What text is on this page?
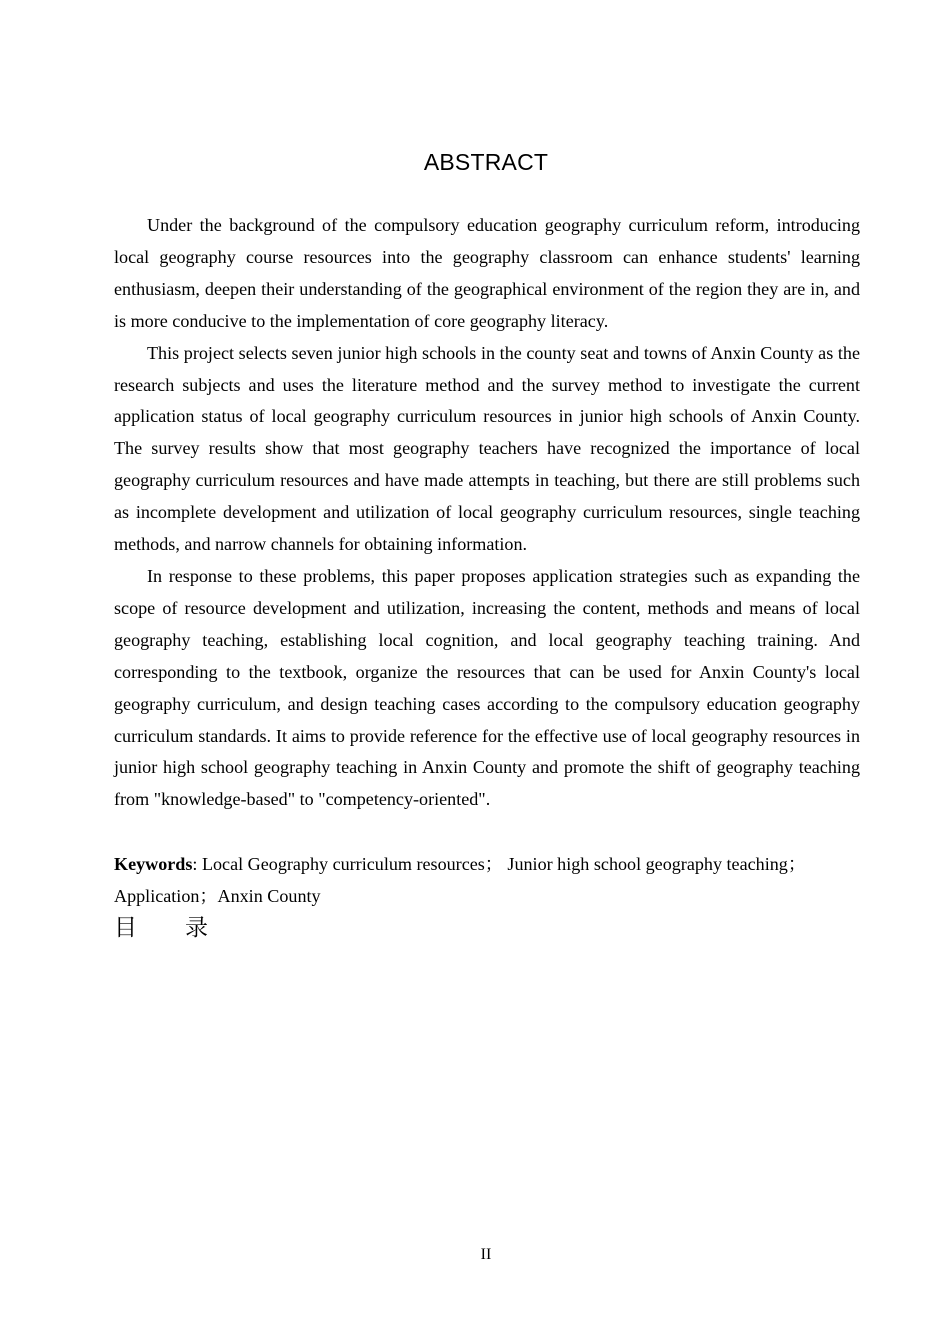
ABSTRACT

Under the background of the compulsory education geography curriculum reform, introducing local geography course resources into the geography classroom can enhance students' learning enthusiasm, deepen their understanding of the geographical environment of the region they are in, and is more conducive to the implementation of core geography literacy.

This project selects seven junior high schools in the county seat and towns of Anxin County as the research subjects and uses the literature method and the survey method to investigate the current application status of local geography curriculum resources in junior high schools of Anxin County. The survey results show that most geography teachers have recognized the importance of local geography curriculum resources and have made attempts in teaching, but there are still problems such as incomplete development and utilization of local geography curriculum resources, single teaching methods, and narrow channels for obtaining information.

In response to these problems, this paper proposes application strategies such as expanding the scope of resource development and utilization, increasing the content, methods and means of local geography teaching, establishing local cognition, and local geography teaching training. And corresponding to the textbook, organize the resources that can be used for Anxin County's local geography curriculum, and design teaching cases according to the compulsory education geography curriculum standards. It aims to provide reference for the effective use of local geography resources in junior high school geography teaching in Anxin County and promote the shift of geography teaching from "knowledge-based" to "competency-oriented".

Keywords: Local Geography curriculum resources； Junior high school geography teaching；Application；Anxin County

目 录
II
